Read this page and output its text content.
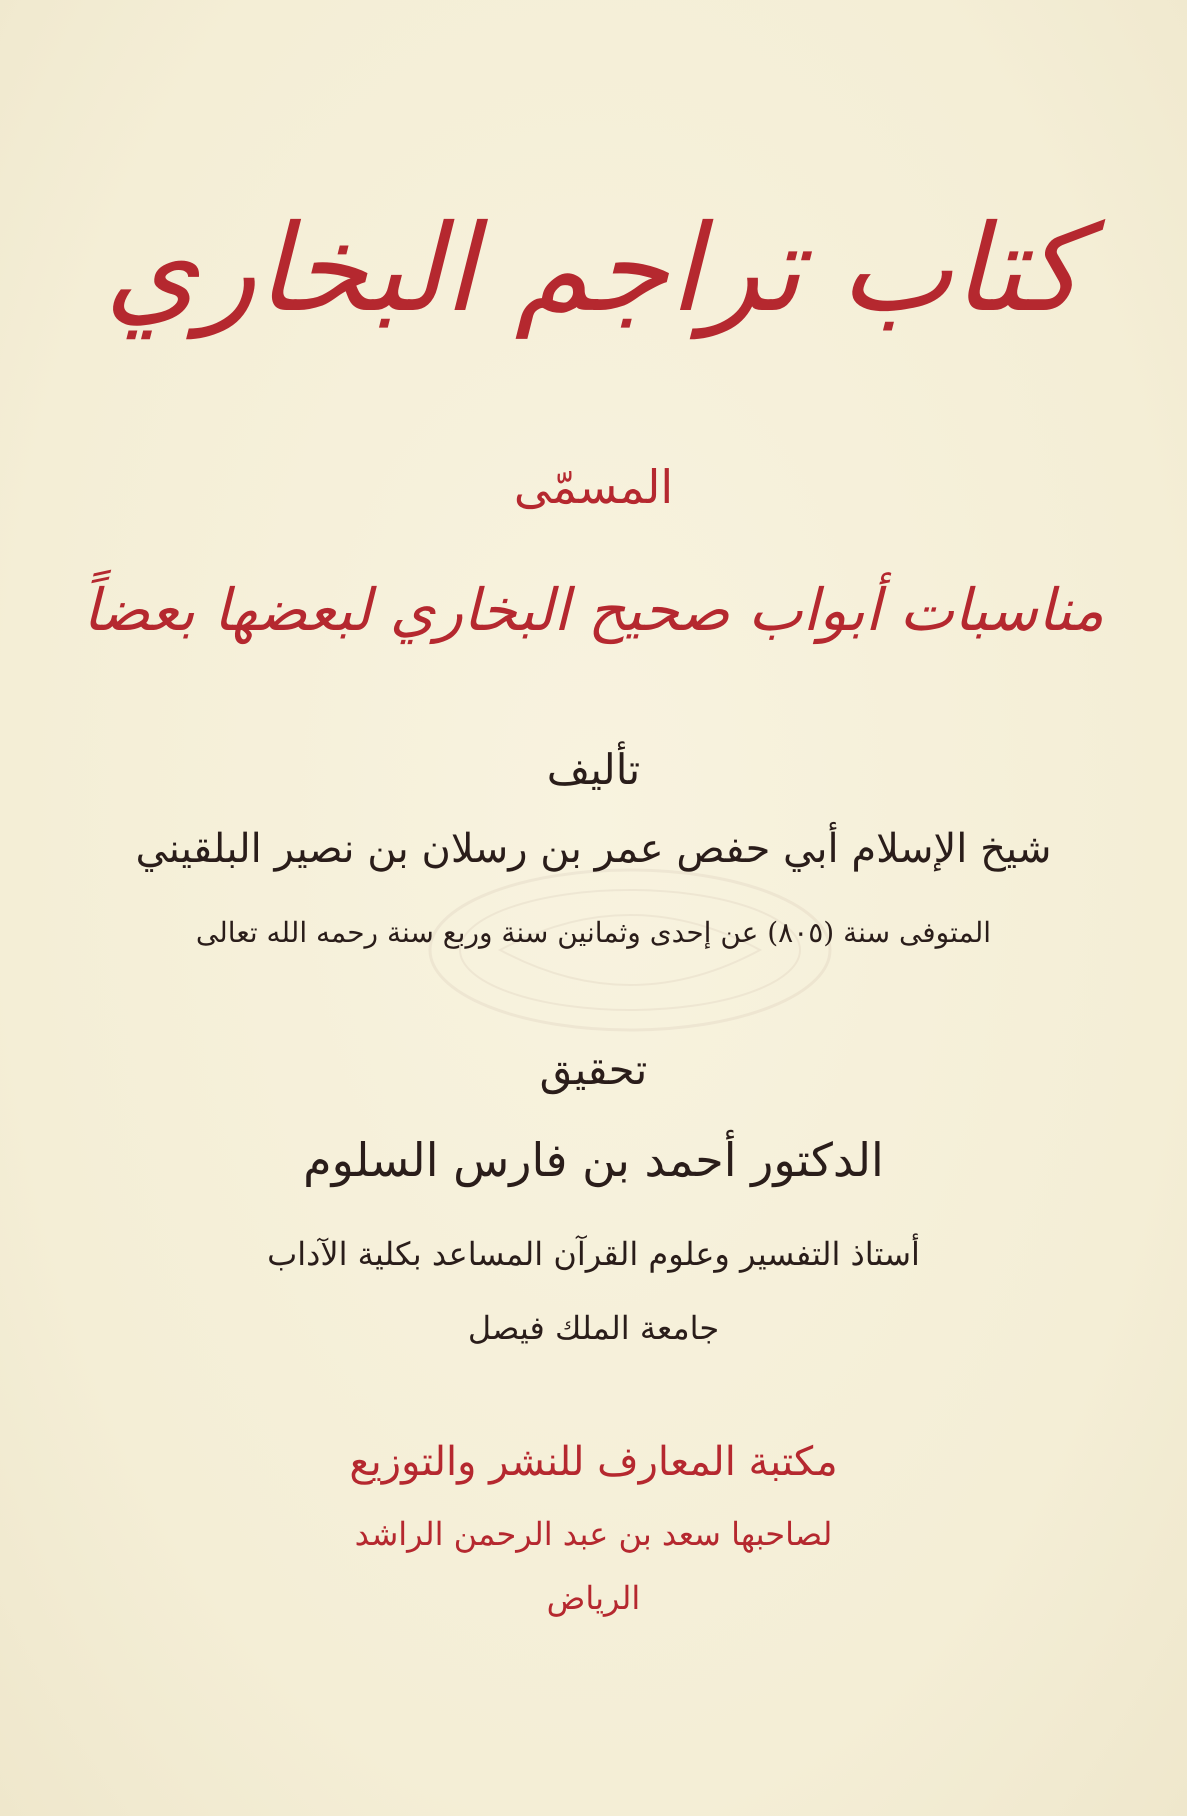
كتاب تراجم البخاري
المسمّى
مناسبات أبواب صحيح البخاري لبعضها بعضاً
تأليف
شيخ الإسلام أبي حفص عمر بن رسلان بن نصير البلقيني
المتوفى سنة (٨٠٥) عن إحدى وثمانين سنة وربع سنة رحمه الله تعالى
تحقيق
الدكتور أحمد بن فارس السلوم
أستاذ التفسير وعلوم القرآن المساعد بكلية الآداب
جامعة الملك فيصل
مكتبة المعارف للنشر والتوزيع
لصاحبها سعد بن عبد الرحمن الراشد
الرياض
